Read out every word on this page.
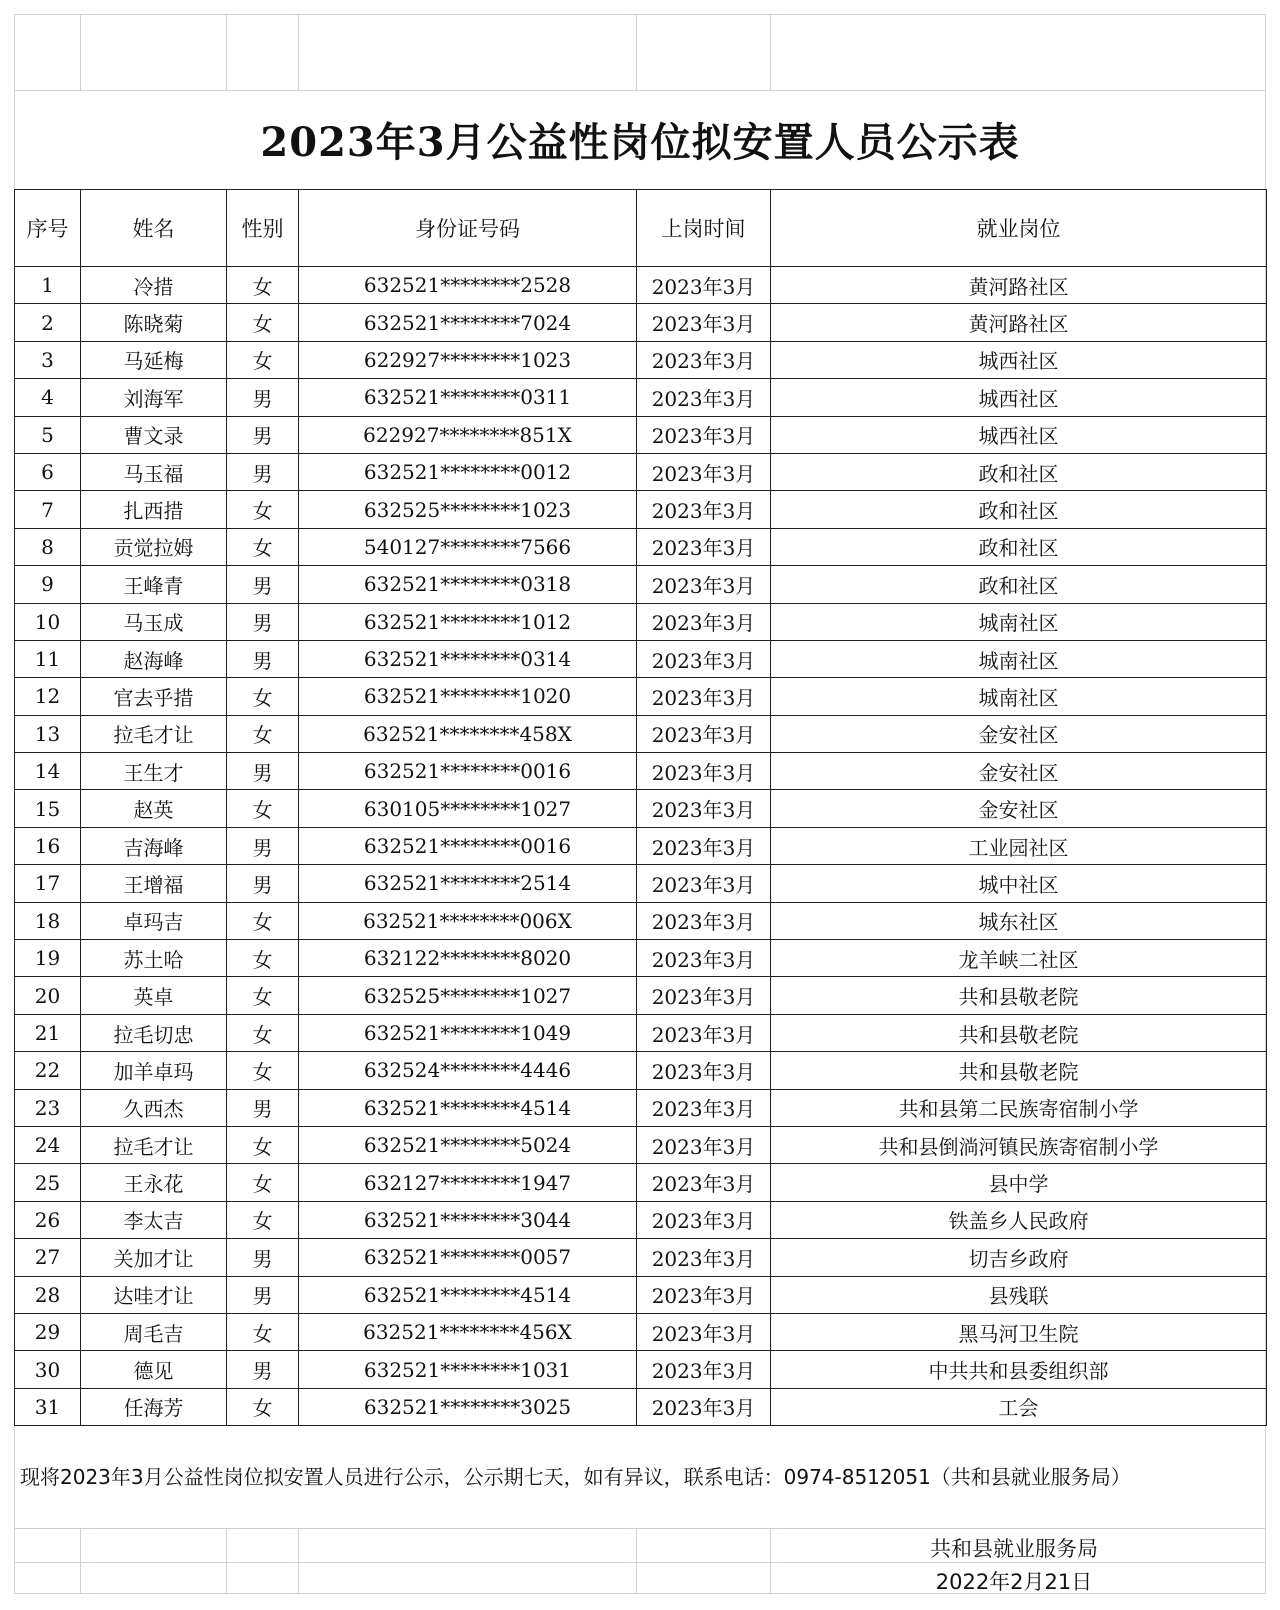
2023年3月公益性岗位拟安置人员公示表
序号	姓名	性别	身份证号码	上岗时间	就业岗位
1	冷措	女	632521********2528	2023年3月	黄河路社区
2	陈晓菊	女	632521********7024	2023年3月	黄河路社区
3	马延梅	女	622927********1023	2023年3月	城西社区
4	刘海军	男	632521********0311	2023年3月	城西社区
5	曹文录	男	622927********851X	2023年3月	城西社区
6	马玉福	男	632521********0012	2023年3月	政和社区
7	扎西措	女	632525********1023	2023年3月	政和社区
8	贡觉拉姆	女	540127********7566	2023年3月	政和社区
9	王峰青	男	632521********0318	2023年3月	政和社区
10	马玉成	男	632521********1012	2023年3月	城南社区
11	赵海峰	男	632521********0314	2023年3月	城南社区
12	官去乎措	女	632521********1020	2023年3月	城南社区
13	拉毛才让	女	632521********458X	2023年3月	金安社区
14	王生才	男	632521********0016	2023年3月	金安社区
15	赵英	女	630105********1027	2023年3月	金安社区
16	吉海峰	男	632521********0016	2023年3月	工业园社区
17	王增福	男	632521********2514	2023年3月	城中社区
18	卓玛吉	女	632521********006X	2023年3月	城东社区
19	苏土哈	女	632122********8020	2023年3月	龙羊峡二社区
20	英卓	女	632525********1027	2023年3月	共和县敬老院
21	拉毛切忠	女	632521********1049	2023年3月	共和县敬老院
22	加羊卓玛	女	632524********4446	2023年3月	共和县敬老院
23	久西杰	男	632521********4514	2023年3月	共和县第二民族寄宿制小学
24	拉毛才让	女	632521********5024	2023年3月	共和县倒淌河镇民族寄宿制小学
25	王永花	女	632127********1947	2023年3月	县中学
26	李太吉	女	632521********3044	2023年3月	铁盖乡人民政府
27	关加才让	男	632521********0057	2023年3月	切吉乡政府
28	达哇才让	男	632521********4514	2023年3月	县残联
29	周毛吉	女	632521********456X	2023年3月	黑马河卫生院
30	德见	男	632521********1031	2023年3月	中共共和县委组织部
31	任海芳	女	632521********3025	2023年3月	工会
现将2023年3月公益性岗位拟安置人员进行公示，公示期七天，如有异议，联系电话：0974-8512051（共和县就业服务局）
共和县就业服务局
2022年2月21日
